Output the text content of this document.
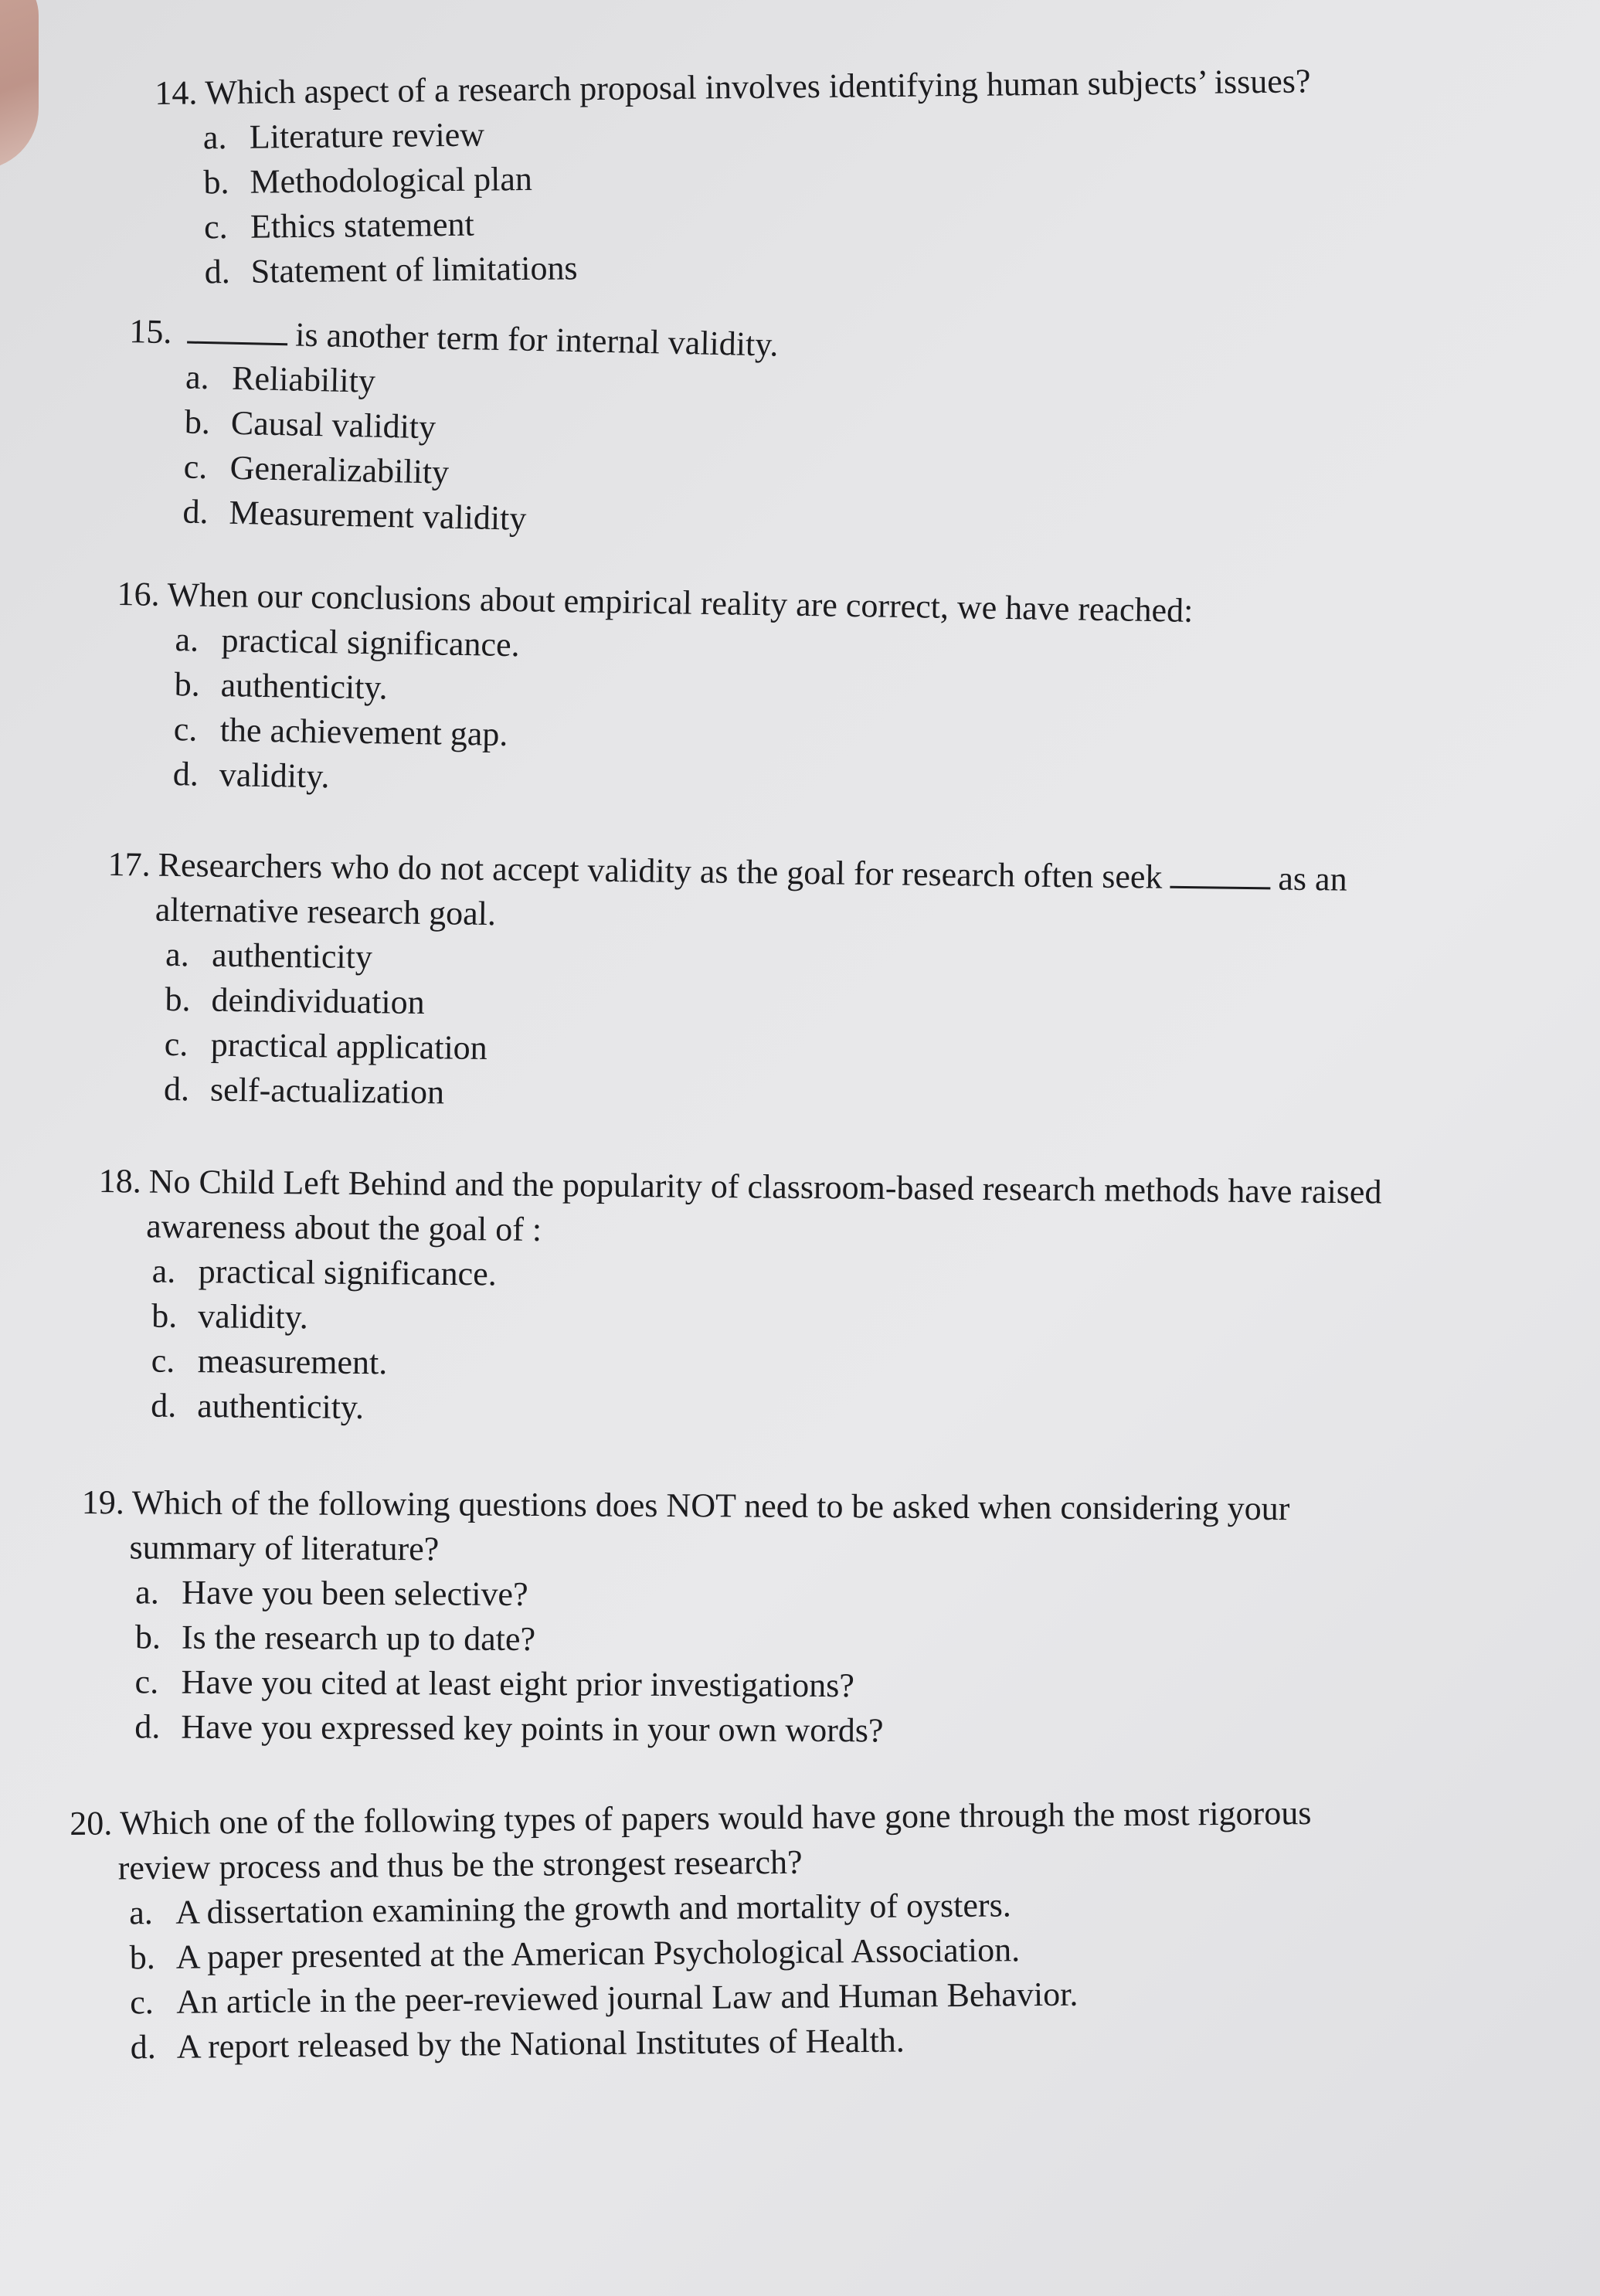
14. Which aspect of a research proposal involves identifying human subjects’ issues?

a. Literature review
b. Methodological plan
c. Ethics statement
d. Statement of limitations

15.	is another term for internal validity.

a. Reliability
b. Causal validity
c. Generalizability
d. Measurement validity

16. When our conclusions about empirical reality are correct, we have reached:

a. practical significance.
b. authenticity.
c. the achievement gap.
d. validity.

17. Researchers who do not accept validity as the goal for research often seek	as an
alternative research goal.

a. authenticity
b. deindividuation
c. practical application
d. self-actualization

18. No Child Left Behind and the popularity of classroom-based research methods have raised
awareness about the goal of :

a. practical significance.
b. validity.
c. measurement.
d. authenticity.

19. Which of the following questions does NOT need to be asked when considering your
summary of literature?

a. Have you been selective?
b. Is the research up to date?
c. Have you cited at least eight prior investigations?
d. Have you expressed key points in your own words?

20. Which one of the following types of papers would have gone through the most rigorous
review process and thus be the strongest research?

a. A dissertation examining the growth and mortality of oysters.
b. A paper presented at the American Psychological Association.
c. An article in the peer-reviewed journal Law and Human Behavior.
d. A report released by the National Institutes of Health.
